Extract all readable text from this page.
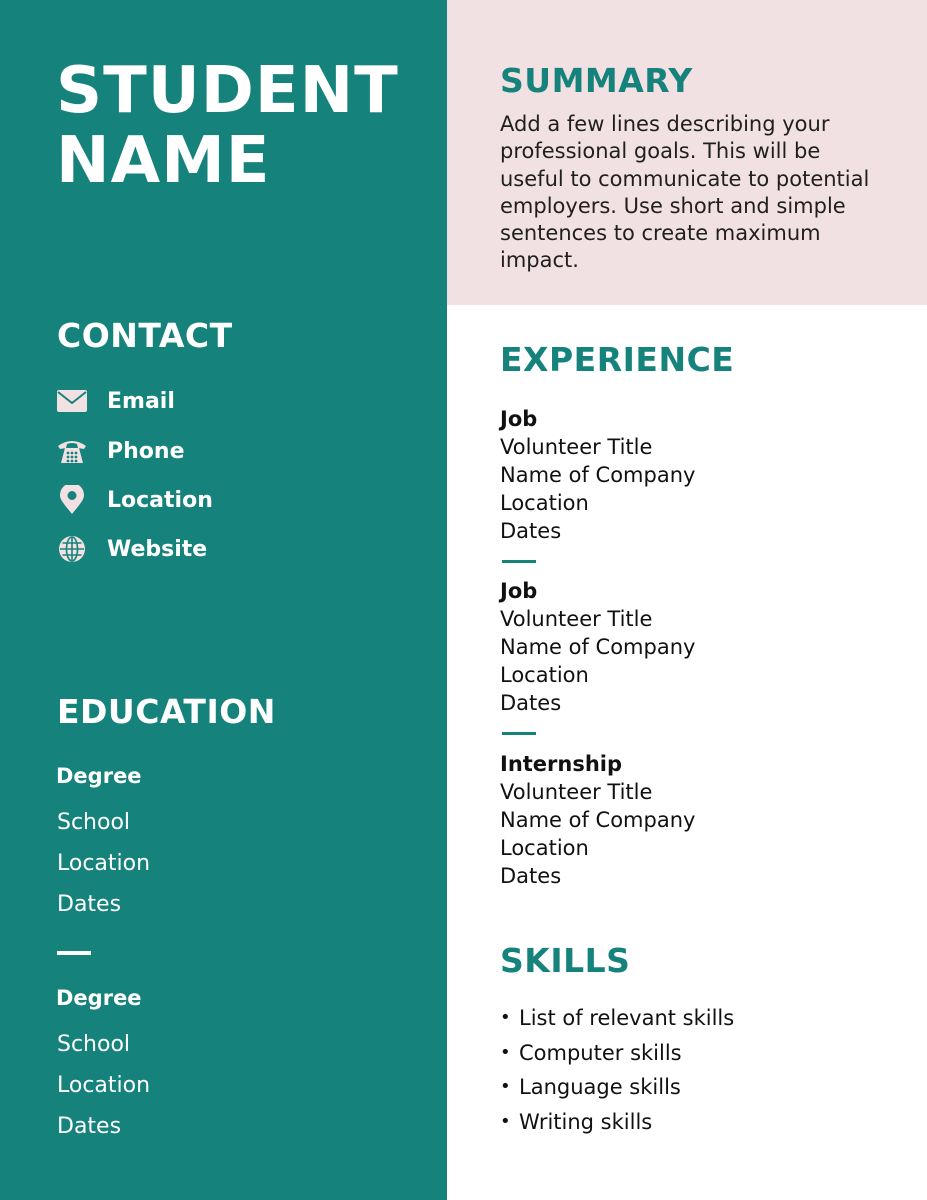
STUDENT
NAME
CONTACT
Email
Phone
Location
Website
EDUCATION
Degree
School
Location
Dates
Degree
School
Location
Dates
SUMMARY

Add a few lines describing your professional goals. This will be useful to communicate to potential employers. Use short and simple sentences to create maximum impact.

EXPERIENCE
Job
Volunteer Title
Name of Company
Location
Dates
Job
Volunteer Title
Name of Company
Location
Dates
Internship
Volunteer Title
Name of Company
Location
Dates
SKILLS
• List of relevant skills
• Computer skills
• Language skills
• Writing skills
